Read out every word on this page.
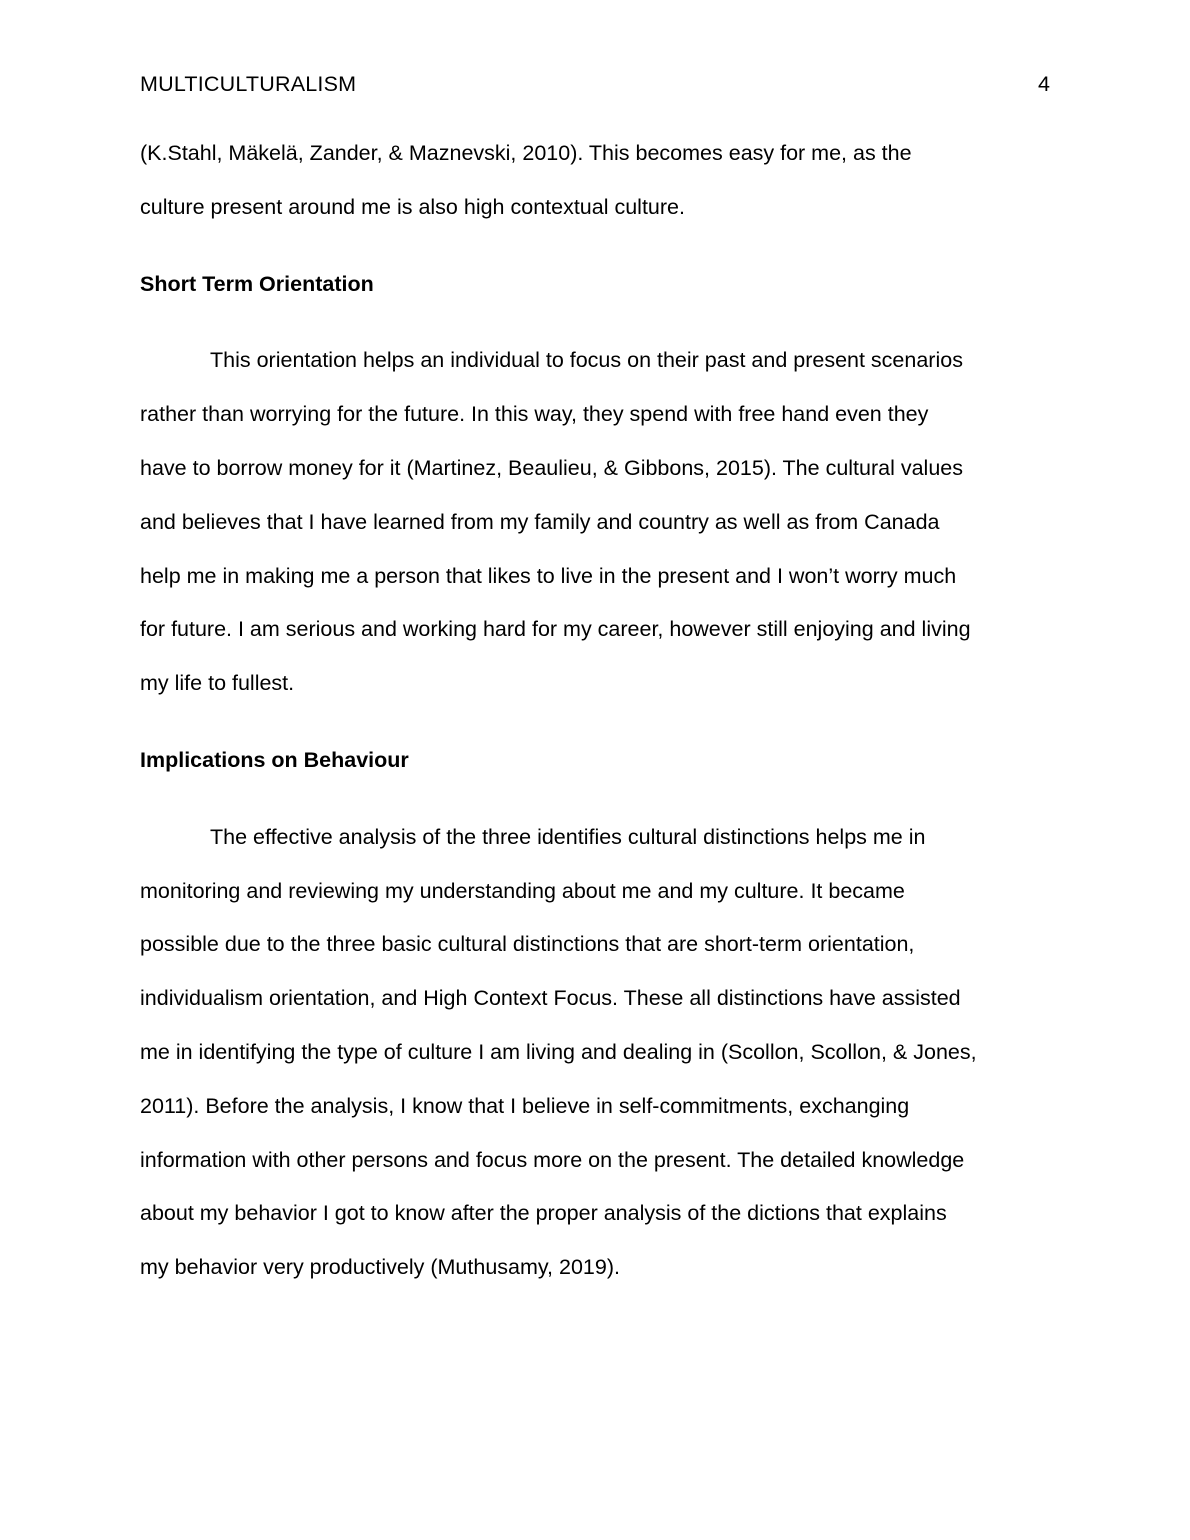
MULTICULTURALISM	4

(K.Stahl, Mäkelä, Zander, & Maznevski, 2010). This becomes easy for me, as the
culture present around me is also high contextual culture.

Short Term Orientation

This orientation helps an individual to focus on their past and present scenarios
rather than worrying for the future. In this way, they spend with free hand even they
have to borrow money for it (Martinez, Beaulieu, & Gibbons, 2015). The cultural values
and believes that I have learned from my family and country as well as from Canada
help me in making me a person that likes to live in the present and I won’t worry much
for future. I am serious and working hard for my career, however still enjoying and living
my life to fullest.

Implications on Behaviour

The effective analysis of the three identifies cultural distinctions helps me in
monitoring and reviewing my understanding about me and my culture. It became
possible due to the three basic cultural distinctions that are short-term orientation,
individualism orientation, and High Context Focus. These all distinctions have assisted
me in identifying the type of culture I am living and dealing in (Scollon, Scollon, & Jones,
2011). Before the analysis, I know that I believe in self-commitments, exchanging
information with other persons and focus more on the present. The detailed knowledge
about my behavior I got to know after the proper analysis of the dictions that explains
my behavior very productively (Muthusamy, 2019).
